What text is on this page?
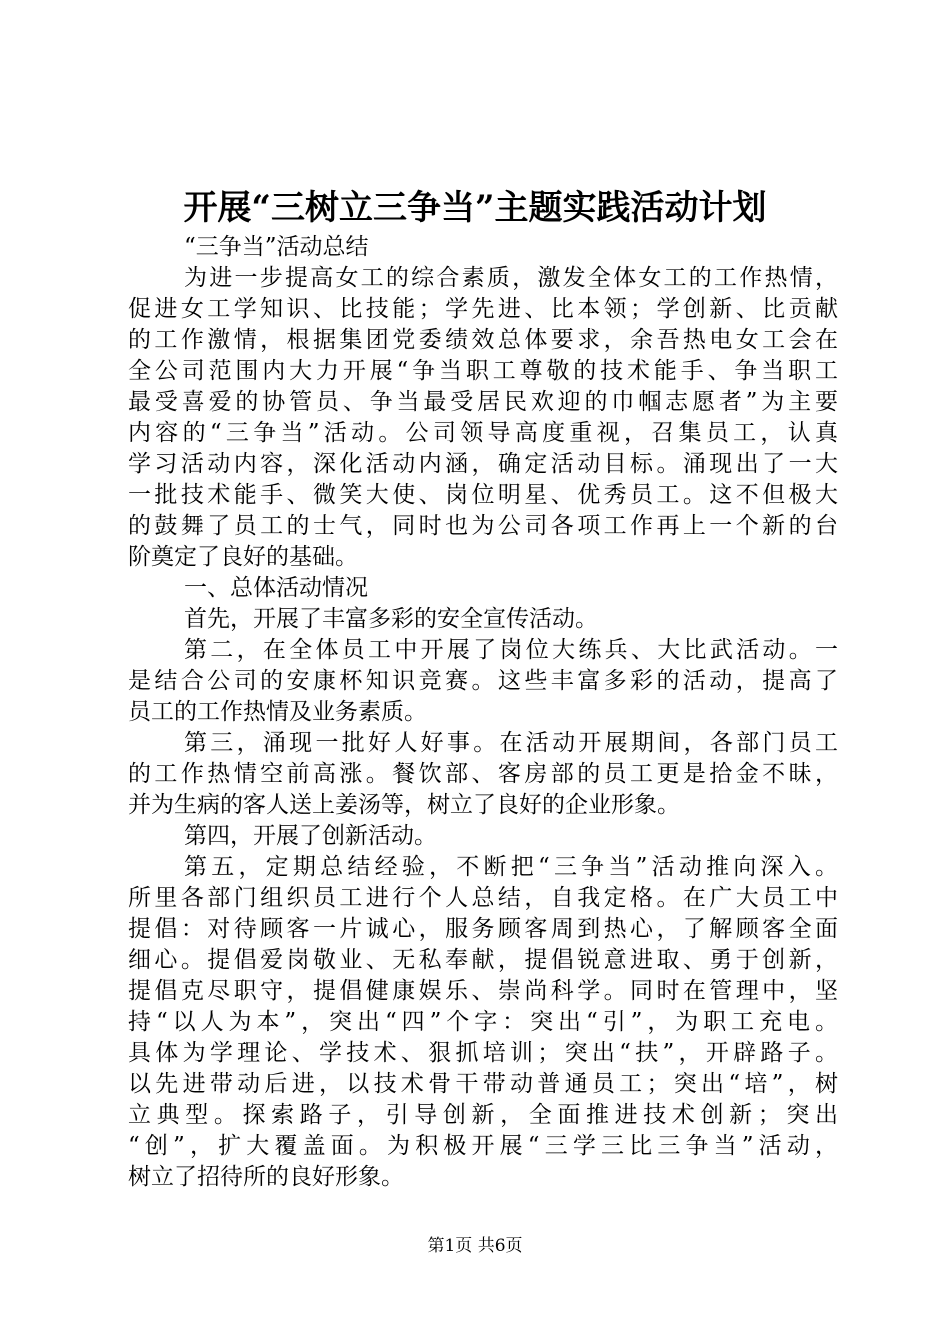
开展“三树立三争当”主题实践活动计划
“三争当”活动总结
为进一步提高女工的综合素质，激发全体女工的工作热情，
促进女工学知识、比技能；学先进、比本领；学创新、比贡献
的工作激情，根据集团党委绩效总体要求，余吾热电女工会在
全公司范围内大力开展“争当职工尊敬的技术能手、争当职工
最受喜爱的协管员、争当最受居民欢迎的巾帼志愿者”为主要
内容的“三争当”活动。公司领导高度重视，召集员工，认真
学习活动内容，深化活动内涵，确定活动目标。涌现出了一大
一批技术能手、微笑大使、岗位明星、优秀员工。这不但极大
的鼓舞了员工的士气，同时也为公司各项工作再上一个新的台
阶奠定了良好的基础。
一、总体活动情况
首先，开展了丰富多彩的安全宣传活动。
第二，在全体员工中开展了岗位大练兵、大比武活动。一
是结合公司的安康杯知识竞赛。这些丰富多彩的活动，提高了
员工的工作热情及业务素质。
第三，涌现一批好人好事。在活动开展期间，各部门员工
的工作热情空前高涨。餐饮部、客房部的员工更是拾金不昧，
并为生病的客人送上姜汤等，树立了良好的企业形象。
第四，开展了创新活动。
第五，定期总结经验，不断把“三争当”活动推向深入。
所里各部门组织员工进行个人总结，自我定格。在广大员工中
提倡：对待顾客一片诚心，服务顾客周到热心，了解顾客全面
细心。提倡爱岗敬业、无私奉献，提倡锐意进取、勇于创新，
提倡克尽职守，提倡健康娱乐、崇尚科学。同时在管理中，坚
持“以人为本”，突出“四”个字：突出“引”，为职工充电。
具体为学理论、学技术、狠抓培训；突出“扶”，开辟路子。
以先进带动后进，以技术骨干带动普通员工；突出“培”，树
立典型。探索路子，引导创新，全面推进技术创新；突出
“创”，扩大覆盖面。为积极开展“三学三比三争当”活动，
树立了招待所的良好形象。
第1页 共6页
